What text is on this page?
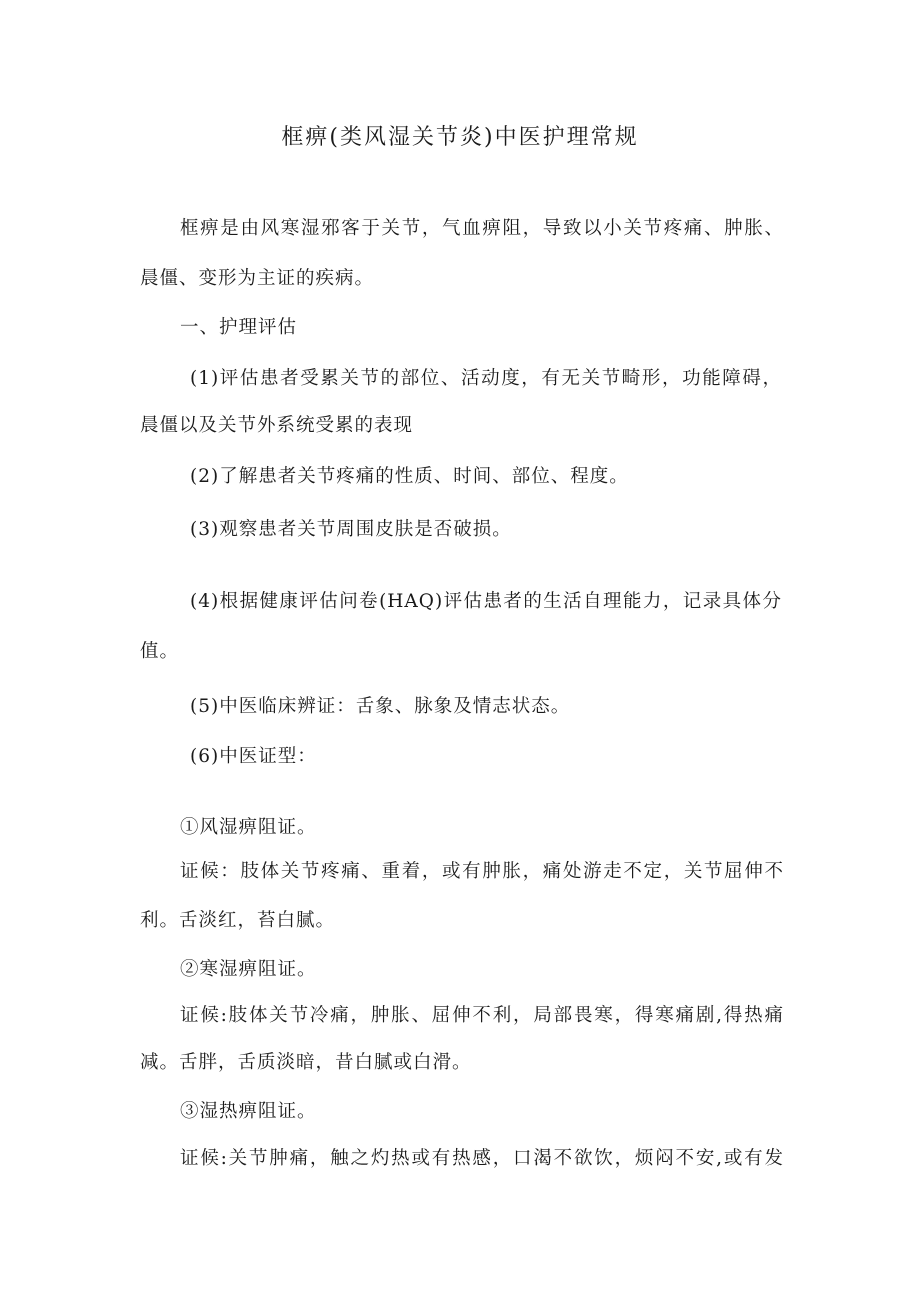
框痹(类风湿关节炎)中医护理常规
框痹是由风寒湿邪客于关节，气血痹阻，导致以小关节疼痛、肿胀、
晨僵、变形为主证的疾病。
一、护理评估
(1)评估患者受累关节的部位、活动度，有无关节畸形，功能障碍，
晨僵以及关节外系统受累的表现
(2)了解患者关节疼痛的性质、时间、部位、程度。
(3)观察患者关节周围皮肤是否破损。
(4)根据健康评估问卷(HAQ)评估患者的生活自理能力，记录具体分
值。
(5)中医临床辨证：舌象、脉象及情志状态。
(6)中医证型：
①风湿痹阻证。
证候：肢体关节疼痛、重着，或有肿胀，痛处游走不定，关节屈伸不
利。舌淡红，苔白腻。
②寒湿痹阻证。
证候:肢体关节冷痛，肿胀、屈伸不利，局部畏寒，得寒痛剧,得热痛
减。舌胖，舌质淡暗，昔白腻或白滑。
③湿热痹阻证。
证候:关节肿痛，触之灼热或有热感，口渴不欲饮，烦闷不安,或有发
